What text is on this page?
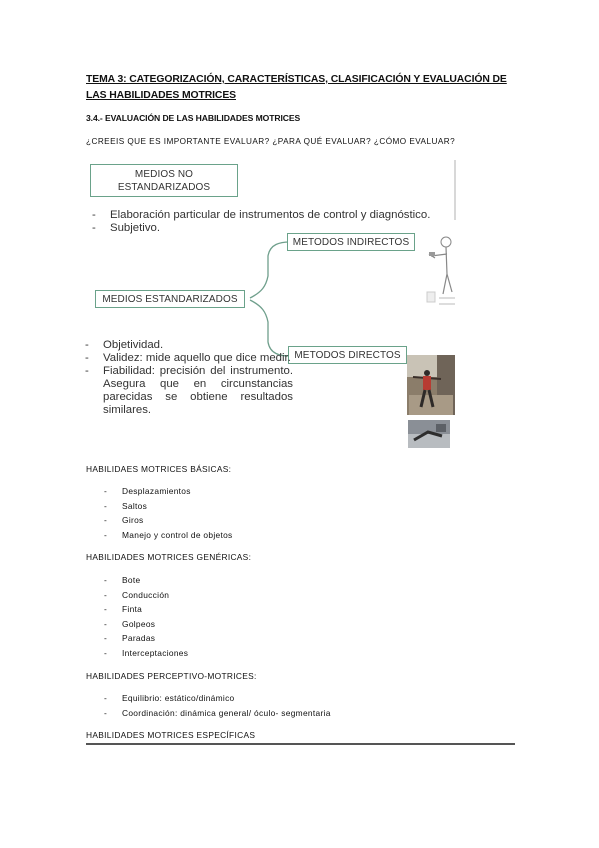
TEMA 3: CATEGORIZACIÓN, CARACTERÍSTICAS, CLASIFICACIÓN Y EVALUACIÓN DE LAS HABILIDADES MOTRICES
3.4.- EVALUACIÓN DE LAS HABILIDADES MOTRICES
¿CREEIS QUE ES IMPORTANTE EVALUAR? ¿PARA QUÉ EVALUAR? ¿CÓMO EVALUAR?
MEDIOS NO
ESTANDARIZADOS
- Elaboración particular de instrumentos de control y diagnóstico.
- Subjetivo.
METODOS INDIRECTOS
MEDIOS ESTANDARIZADOS
METODOS DIRECTOS
- Objetividad.
- Validez: mide aquello que dice medir.
- Fiabilidad: precisión del instrumento. Asegura que en circunstancias parecidas se obtiene resultados similares.
HABILIDAES MOTRICES BÁSICAS:
- Desplazamientos
- Saltos
- Giros
- Manejo y control de objetos
HABILIDADES MOTRICES GENÉRICAS:
- Bote
- Conducción
- Finta
- Golpeos
- Paradas
- Interceptaciones
HABILIDADES PERCEPTIVO-MOTRICES:
- Equilibrio: estático/dinámico
- Coordinación: dinámica general/ óculo- segmentaria
HABILIDADES MOTRICES ESPECÍFICAS
